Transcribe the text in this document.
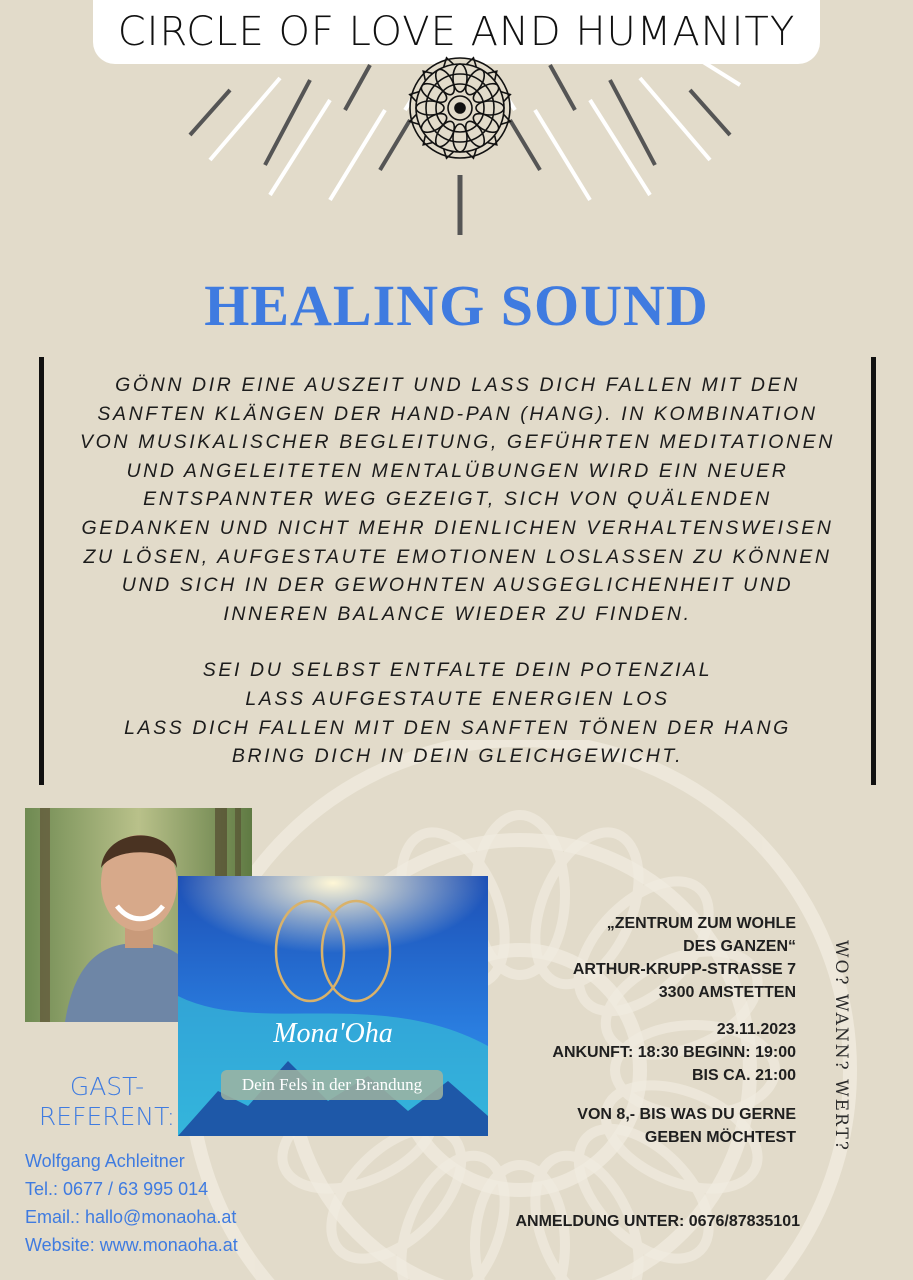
CIRCLE OF LOVE AND HUMANITY
HEALING SOUND

GÖNN DIR EINE AUSZEIT UND LASS DICH FALLEN MIT DEN

SANFTEN KLÄNGEN DER HAND-PAN (HANG). IN KOMBINATION

VON MUSIKALISCHER BEGLEITUNG, GEFÜHRTEN MEDITATIONEN

UND ANGELEITETEN MENTALÜBUNGEN WIRD EIN NEUER

ENTSPANNTER WEG GEZEIGT, SICH VON QUÄLENDEN

GEDANKEN UND NICHT MEHR DIENLICHEN VERHALTENSWEISEN

ZU LÖSEN, AUFGESTAUTE EMOTIONEN LOSLASSEN ZU KÖNNEN

UND SICH IN DER GEWOHNTEN AUSGEGLICHENHEIT UND

INNEREN BALANCE WIEDER ZU FINDEN.

SEI DU SELBST ENTFALTE DEIN POTENZIAL

LASS AUFGESTAUTE ENERGIEN LOS

LASS DICH FALLEN MIT DEN SANFTEN TÖNEN DER HANG

BRING DICH IN DEIN GLEICHGEWICHT.

Mona'Oha
Dein Fels in der Brandung
GAST-
REFERENT:
Wolfgang Achleitner
Tel.: 0677 / 63 995 014
Email.: hallo@monaoha.at
Website: www.monaoha.at
„ZENTRUM ZUM WOHLE
DES GANZEN“
ARTHUR-KRUPP-STRASSE 7
3300 AMSTETTEN
23.11.2023
ANKUNFT: 18:30 BEGINN: 19:00
BIS CA. 21:00
VON 8,- BIS WAS DU GERNE
GEBEN MÖCHTEST
ANMELDUNG UNTER: 0676/87835101
WO? WANN? WERT?
